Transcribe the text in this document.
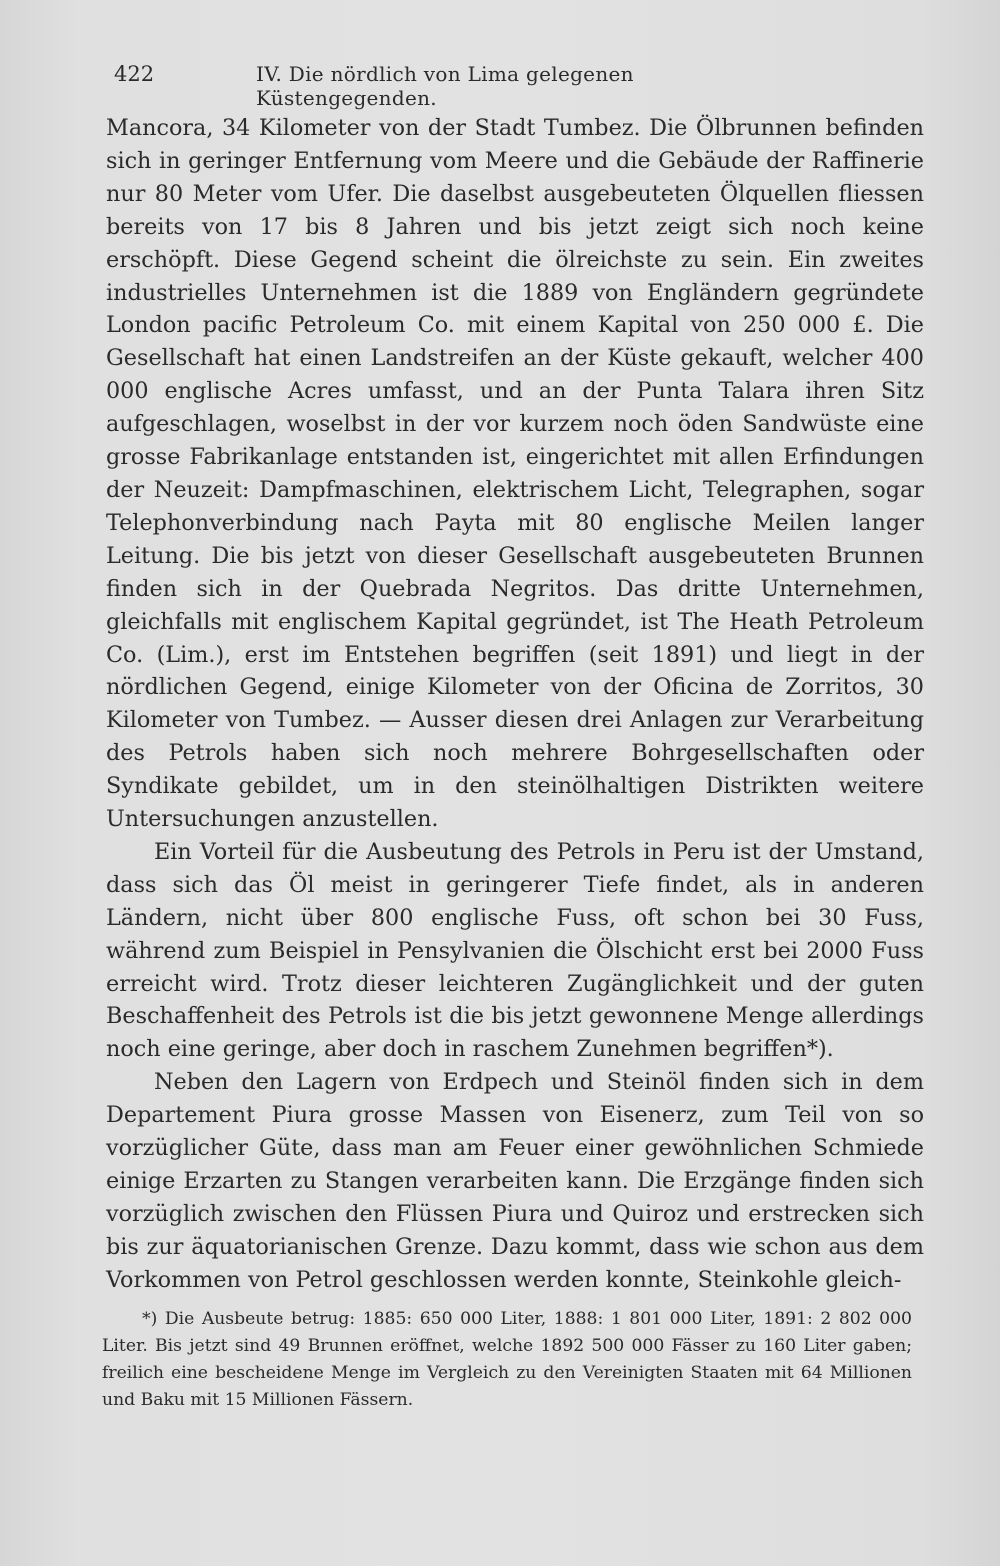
422	IV. Die nördlich von Lima gelegenen Küstengegenden.

Mancora, 34 Kilometer von der Stadt Tumbez. Die Ölbrunnen befinden sich in geringer Entfernung vom Meere und die Gebäude der Raffinerie nur 80 Meter vom Ufer. Die daselbst ausgebeuteten Ölquellen fliessen bereits von 17 bis 8 Jahren und bis jetzt zeigt sich noch keine erschöpft. Diese Gegend scheint die ölreichste zu sein. Ein zweites industrielles Unternehmen ist die 1889 von Engländern gegründete London pacific Petroleum Co. mit einem Kapital von 250 000 £. Die Gesellschaft hat einen Landstreifen an der Küste gekauft, welcher 400 000 englische Acres umfasst, und an der Punta Talara ihren Sitz aufgeschlagen, woselbst in der vor kurzem noch öden Sandwüste eine grosse Fabrikanlage entstanden ist, eingerichtet mit allen Erfindungen der Neuzeit: Dampfmaschinen, elektrischem Licht, Telegraphen, sogar Telephonverbindung nach Payta mit 80 englische Meilen langer Leitung. Die bis jetzt von dieser Gesellschaft ausgebeuteten Brunnen finden sich in der Quebrada Negritos. Das dritte Unternehmen, gleichfalls mit englischem Kapital gegründet, ist The Heath Petroleum Co. (Lim.), erst im Entstehen begriffen (seit 1891) und liegt in der nördlichen Gegend, einige Kilometer von der Oficina de Zorritos, 30 Kilometer von Tumbez. — Ausser diesen drei Anlagen zur Verarbeitung des Petrols haben sich noch mehrere Bohrgesellschaften oder Syndikate gebildet, um in den steinölhaltigen Distrikten weitere Untersuchungen anzustellen.

Ein Vorteil für die Ausbeutung des Petrols in Peru ist der Umstand, dass sich das Öl meist in geringerer Tiefe findet, als in anderen Ländern, nicht über 800 englische Fuss, oft schon bei 30 Fuss, während zum Beispiel in Pensylvanien die Ölschicht erst bei 2000 Fuss erreicht wird. Trotz dieser leichteren Zugänglichkeit und der guten Beschaffenheit des Petrols ist die bis jetzt gewonnene Menge allerdings noch eine geringe, aber doch in raschem Zunehmen begriffen*).

Neben den Lagern von Erdpech und Steinöl finden sich in dem Departement Piura grosse Massen von Eisenerz, zum Teil von so vorzüglicher Güte, dass man am Feuer einer gewöhnlichen Schmiede einige Erzarten zu Stangen verarbeiten kann. Die Erzgänge finden sich vorzüglich zwischen den Flüssen Piura und Quiroz und erstrecken sich bis zur äquatorianischen Grenze. Dazu kommt, dass wie schon aus dem Vorkommen von Petrol geschlossen werden konnte, Steinkohle gleich-

*) Die Ausbeute betrug: 1885: 650 000 Liter, 1888: 1 801 000 Liter, 1891: 2 802 000 Liter. Bis jetzt sind 49 Brunnen eröffnet, welche 1892 500 000 Fässer zu 160 Liter gaben; freilich eine bescheidene Menge im Vergleich zu den Vereinigten Staaten mit 64 Millionen und Baku mit 15 Millionen Fässern.
